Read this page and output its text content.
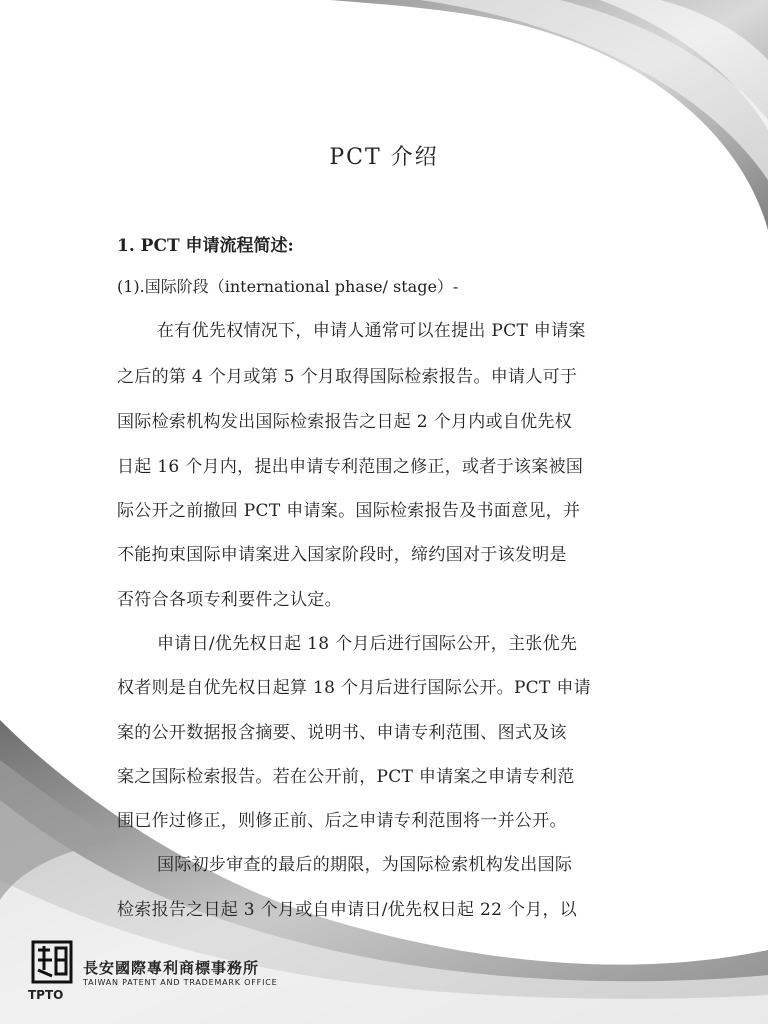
PCT 介绍
1. PCT 申请流程简述:
(1).国际阶段（international phase/ stage）-
在有优先权情况下，申请人通常可以在提出 PCT 申请案
之后的第 4 个月或第 5 个月取得国际检索报告。申请人可于
国际检索机构发出国际检索报告之日起 2 个月内或自优先权
日起 16 个月内，提出申请专利范围之修正，或者于该案被国
际公开之前撤回 PCT 申请案。国际检索报告及书面意见，并
不能拘束国际申请案进入国家阶段时，缔约国对于该发明是
否符合各项专利要件之认定。
申请日/优先权日起 18 个月后进行国际公开，主张优先
权者则是自优先权日起算 18 个月后进行国际公开。PCT 申请
案的公开数据报含摘要、说明书、申请专利范围、图式及该
案之国际检索报告。若在公开前，PCT 申请案之申请专利范
围已作过修正，则修正前、后之申请专利范围将一并公开。
国际初步审查的最后的期限，为国际检索机构发出国际
检索报告之日起 3 个月或自申请日/优先权日起 22 个月，以
TPTO
長安國際專利商標事務所
TAIWAN PATENT AND TRADEMARK OFFICE
